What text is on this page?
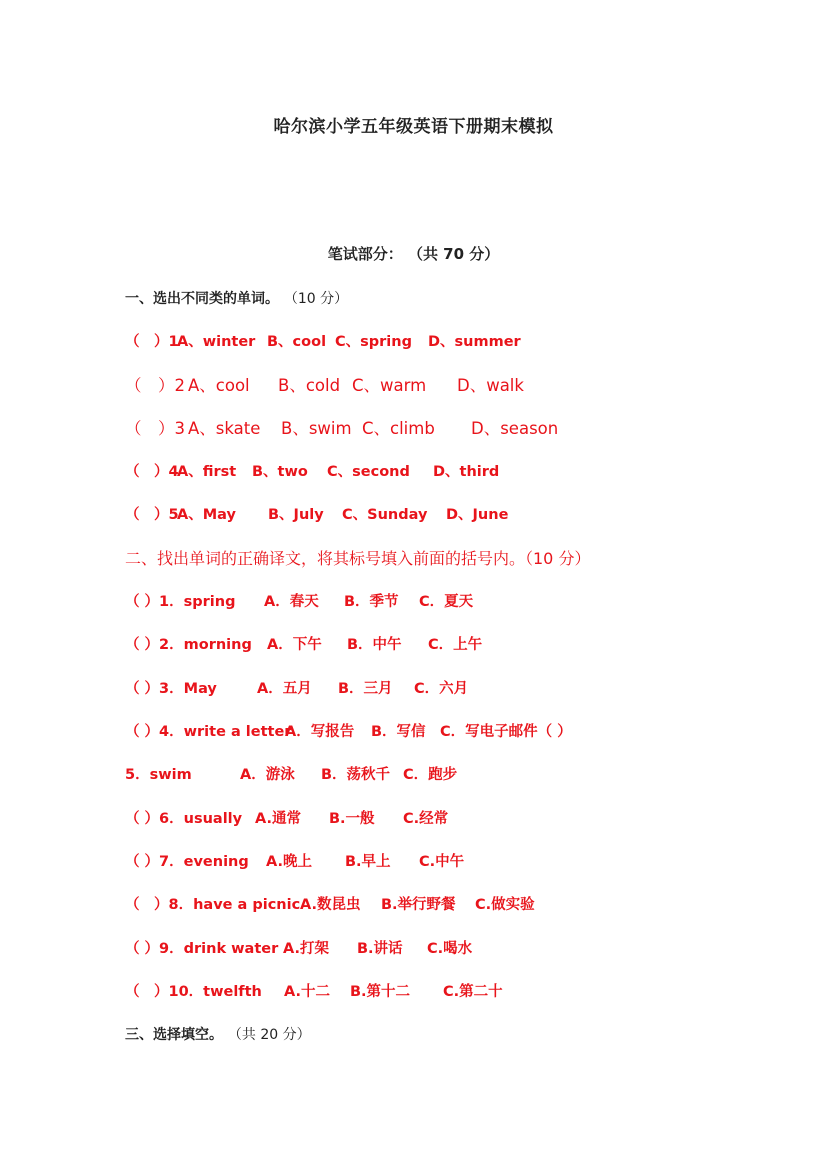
哈尔滨小学五年级英语下册期末模拟
笔试部分： （共 70 分）
一、选出不同类的单词。 （10 分）
（　）1A、winter B、cool C、spring D、summer
（　）2 A、cool B、cold C、warm D、walk
（　）3 A、skate B、swim C、climb D、season
（　）4A、first B、two C、second D、third
（　）5A、May B、July C、Sunday D、June
二、找出单词的正确译文，将其标号填入前面的括号内。（10 分）
（ ）1．spring A．春天 B．季节 C．夏天
（ ）2．morning A．下午 B．中午 C．上午
（ ）3．May	A．五月 B．三月 C．六月
（ ）4．write a letterA．写报告 B．写信 C．写电子邮件（ ）
5．swim	A．游泳 B．荡秋千 C．跑步
（ ）6．usually A.通常 B.一般 C.经常
（ ）7．evening A.晚上 B.早上 C.中午
（　）8．have a picnicA.数昆虫 B.举行野餐 C.做实验
（ ）9．drink water A.打架 B.讲话 C.喝水
（　）10．twelfth A.十二 B.第十二 C.第二十
三、选择填空。 （共 20 分）
